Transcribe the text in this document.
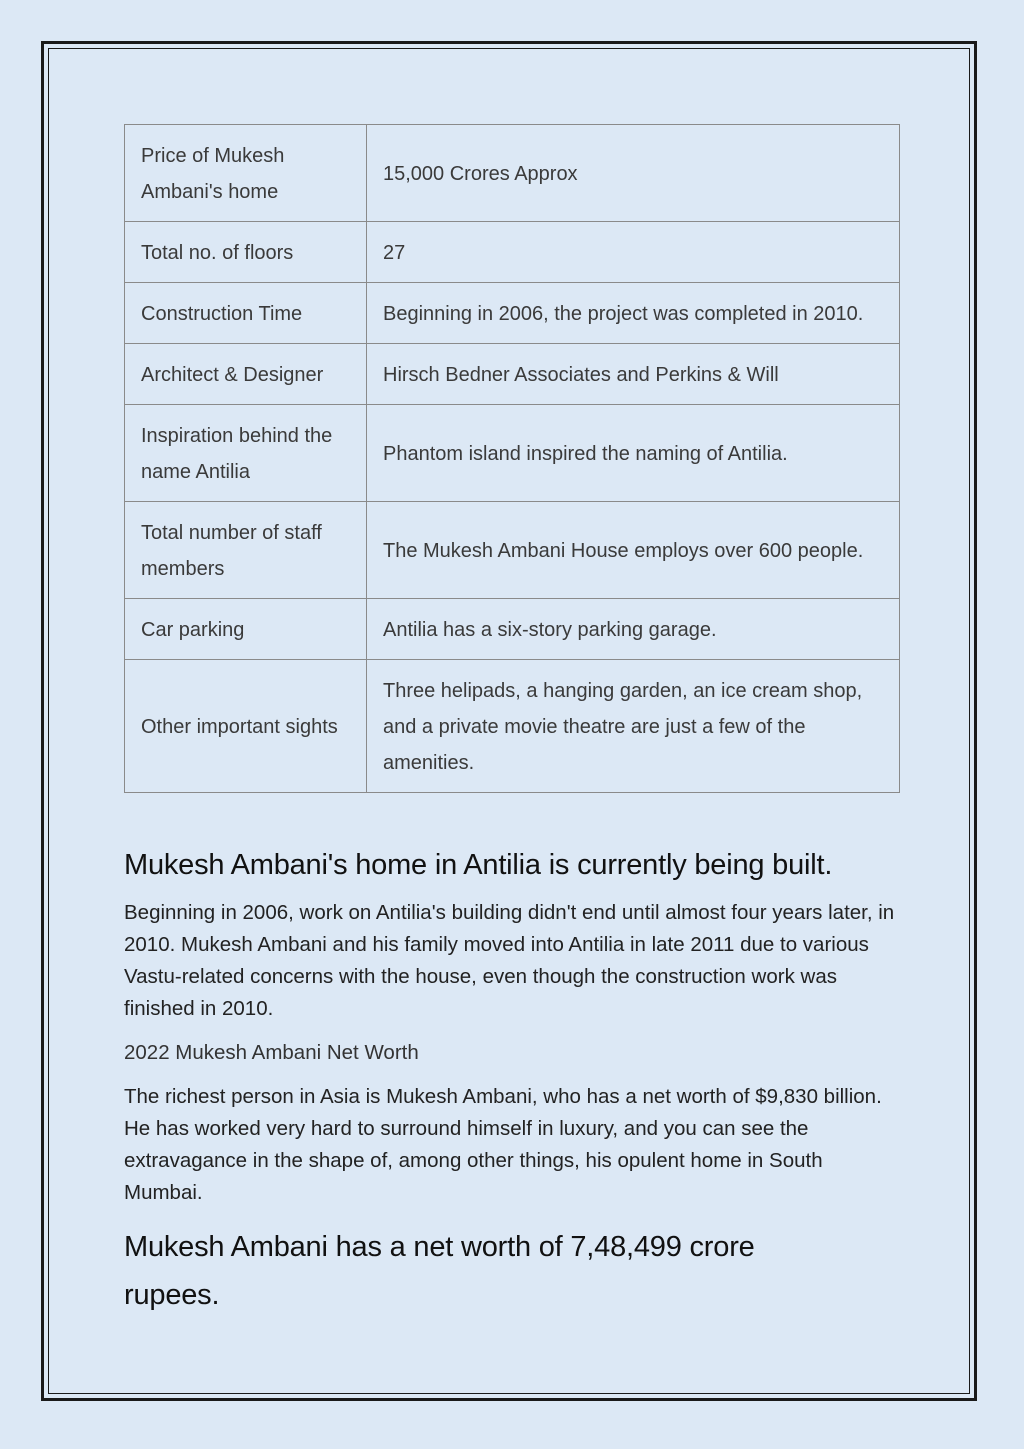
Price of Mukesh Ambani's home	15,000 Crores Approx
Total no. of floors	27
Construction Time	Beginning in 2006, the project was completed in 2010.
Architect & Designer	Hirsch Bedner Associates and Perkins & Will
Inspiration behind the name Antilia	Phantom island inspired the naming of Antilia.
Total number of staff members	The Mukesh Ambani House employs over 600 people.
Car parking	Antilia has a six-story parking garage.
Other important sights	Three helipads, a hanging garden, an ice cream shop, and a private movie theatre are just a few of the amenities.
Mukesh Ambani's home in Antilia is currently being built.

Beginning in 2006, work on Antilia's building didn't end until almost four years later, in 2010. Mukesh Ambani and his family moved into Antilia in late 2011 due to various Vastu-related concerns with the house, even though the construction work was finished in 2010.

2022 Mukesh Ambani Net Worth

The richest person in Asia is Mukesh Ambani, who has a net worth of $9,830 billion. He has worked very hard to surround himself in luxury, and you can see the extravagance in the shape of, among other things, his opulent home in South Mumbai.

Mukesh Ambani has a net worth of 7,48,499 crore rupees.
